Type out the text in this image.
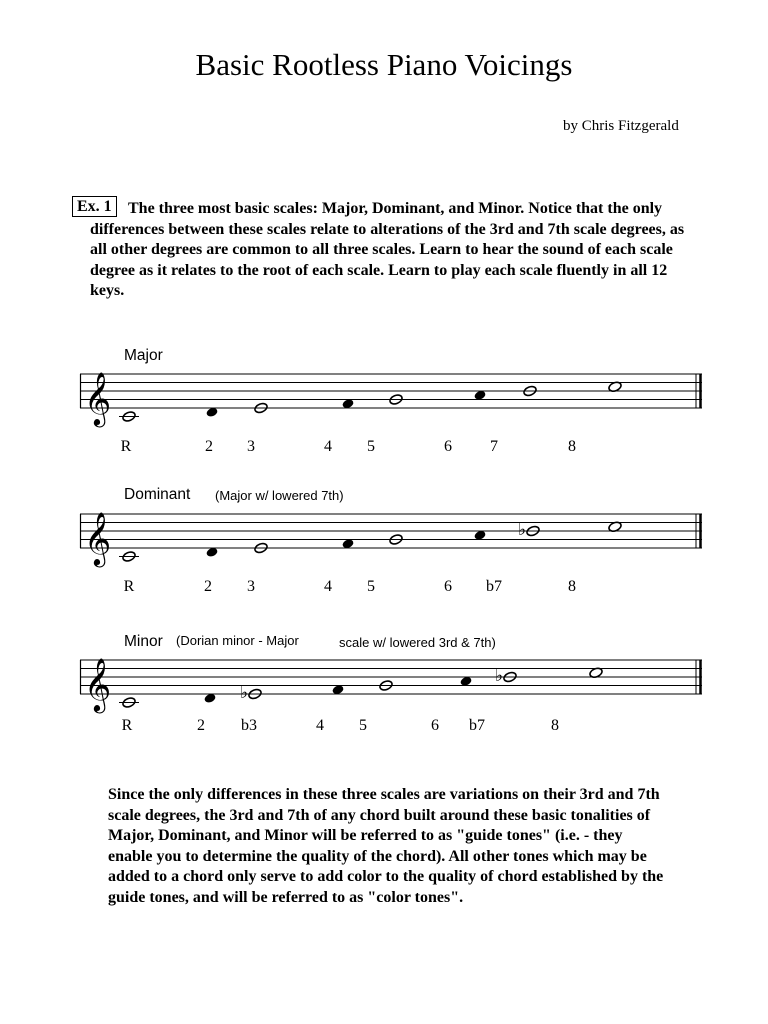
Basic Rootless Piano Voicings
by Chris Fitzgerald
Ex. 1	The three most basic scales: Major, Dominant, and Minor. Notice that the only differences between these scales relate to alterations of the 3rd and 7th scale degrees, as all other degrees are common to all three scales. Learn to hear the sound of each scale degree as it relates to the root of each scale. Learn to play each scale fluently in all 12 keys.

Major
𝄞
Dominant (Major w/ lowered 7th)
𝄞	♭
Minor (Dorian minor - Major	scale w/ lowered 3rd & 7th)
𝄞	♭
♭
R	2 3	4 5	6 7	8
R	2 3	4 5	6 b7	8
R	2 b3	4 5	6 b7	8

Since the only differences in these three scales are variations on their 3rd and 7th scale degrees, the 3rd and 7th of any chord built around these basic tonalities of Major, Dominant, and Minor will be referred to as "guide tones" (i.e. - they enable you to determine the quality of the chord). All other tones which may be added to a chord only serve to add color to the quality of chord established by the guide tones, and will be referred to as "color tones".
